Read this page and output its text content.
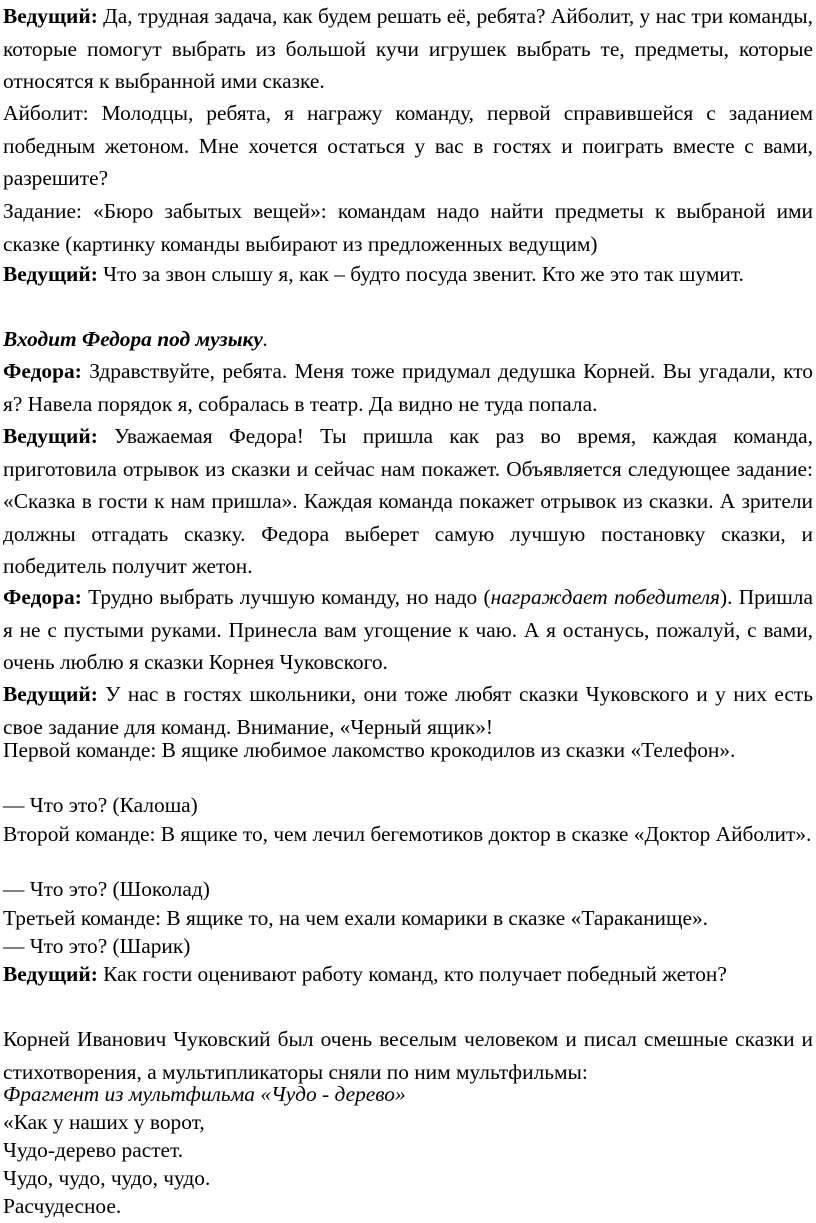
Ведущий: Да, трудная задача, как будем решать её, ребята? Айболит, у нас три команды, которые помогут выбрать из большой кучи игрушек выбрать те, предметы, которые относятся к выбранной ими сказке.

Айболит: Молодцы, ребята, я награжу команду, первой справившейся с заданием победным жетоном. Мне хочется остаться у вас в гостях и поиграть вместе с вами, разрешите?

Задание: «Бюро забытых вещей»: командам надо найти предметы к выбраной ими сказке (картинку команды выбирают из предложенных ведущим)

Ведущий: Что за звон слышу я, как – будто посуда звенит. Кто же это так шумит.

Входит Федора под музыку.

Федора: Здравствуйте, ребята. Меня тоже придумал дедушка Корней. Вы угадали, кто я? Навела порядок я, собралась в театр. Да видно не туда попала.

Ведущий: Уважаемая Федора! Ты пришла как раз во время, каждая команда, приготовила отрывок из сказки и сейчас нам покажет. Объявляется следующее задание: «Сказка в гости к нам пришла». Каждая команда покажет отрывок из сказки. А зрители должны отгадать сказку. Федора выберет самую лучшую постановку сказки, и победитель получит жетон.

Федора: Трудно выбрать лучшую команду, но надо (награждает победителя). Пришла я не с пустыми руками. Принесла вам угощение к чаю. А я останусь, пожалуй, с вами, очень люблю я сказки Корнея Чуковского.

Ведущий: У нас в гостях школьники, они тоже любят сказки Чуковского и у них есть свое задание для команд. Внимание, «Черный ящик»!

Первой команде: В ящике любимое лакомство крокодилов из сказки «Телефон».

— Что это? (Калоша)

Второй команде: В ящике то, чем лечил бегемотиков доктор в сказке «Доктор Айболит».

— Что это? (Шоколад)

Третьей команде: В ящике то, на чем ехали комарики в сказке «Тараканище».

— Что это? (Шарик)

Ведущий: Как гости оценивают работу команд, кто получает победный жетон?

Корней Иванович Чуковский был очень веселым человеком и писал смешные сказки и стихотворения, а мультипликаторы сняли по ним мультфильмы:

Фрагмент из мультфильма «Чудо - дерево»

«Как у наших у ворот,

Чудо-дерево растет.

Чудо, чудо, чудо, чудо.

Расчудесное.
